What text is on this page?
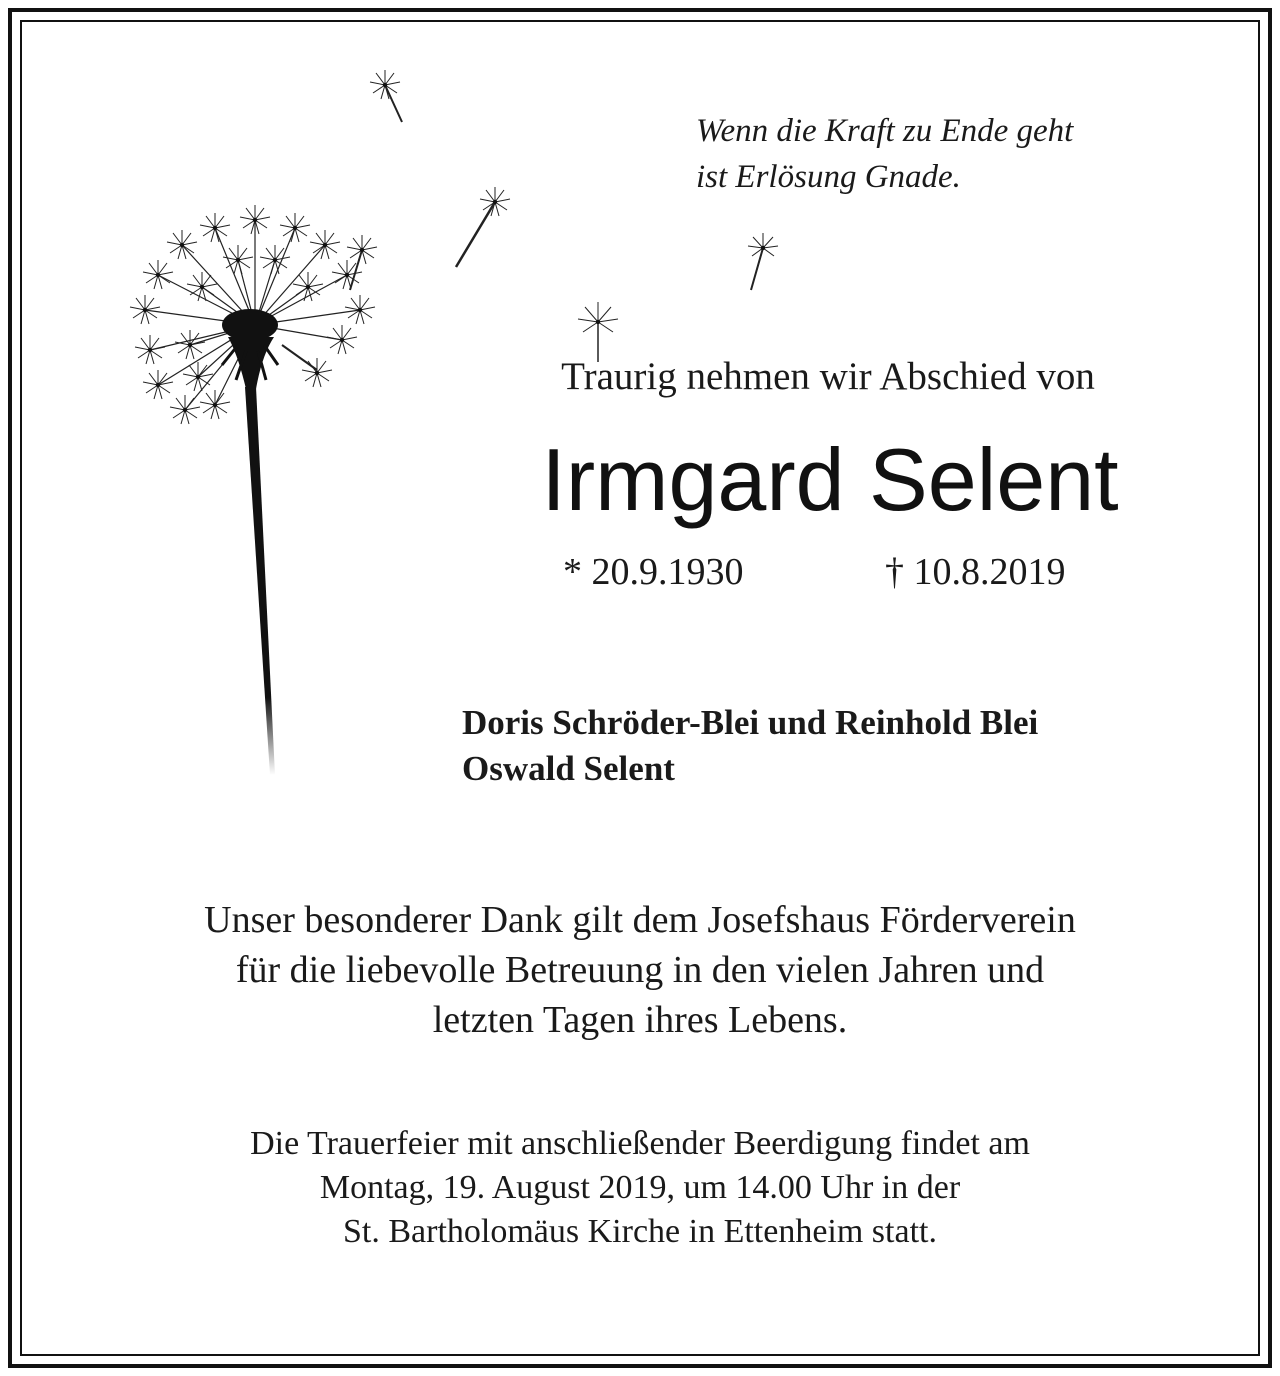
Wenn die Kraft zu Ende geht
ist Erlösung Gnade.

Traurig nehmen wir Abschied von

Irmgard Selent

* 20.9.1930	† 10.8.2019

Doris Schröder-Blei und Reinhold Blei
Oswald Selent

Unser besonderer Dank gilt dem Josefshaus Förderverein
für die liebevolle Betreuung in den vielen Jahren und
letzten Tagen ihres Lebens.

Die Trauerfeier mit anschließender Beerdigung findet am
Montag, 19. August 2019, um 14.00 Uhr in der
St. Bartholomäus Kirche in Ettenheim statt.
